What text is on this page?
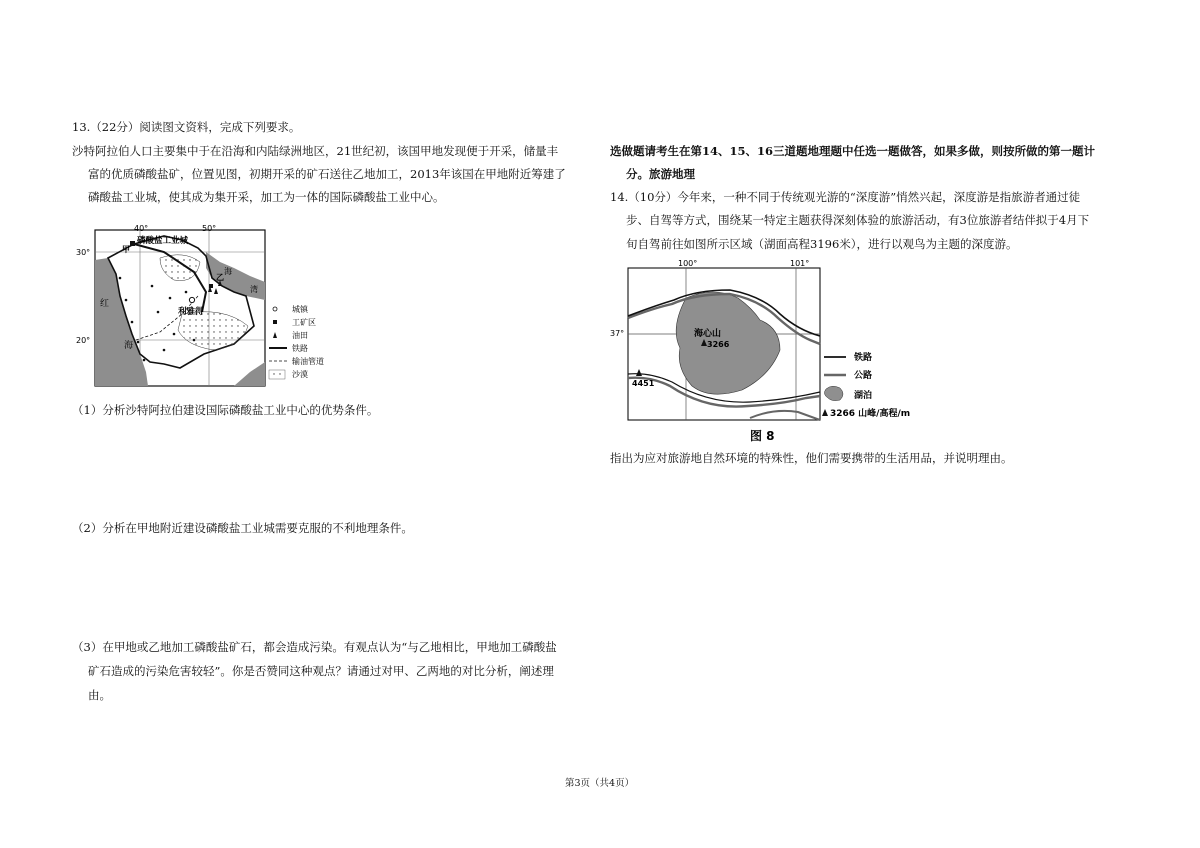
13.（22分）阅读图文资料，完成下列要求。
沙特阿拉伯人口主要集中于在沿海和内陆绿洲地区，21世纪初，该国甲地发现便于开采，储量丰
富的优质磷酸盐矿，位置见图，初期开采的矿石送往乙地加工，2013年该国在甲地附近筹建了
磷酸盐工业城，使其成为集开采，加工为一体的国际磷酸盐工业中心。
40°	50°
30°
20°
磷酸盐工业城
甲
乙
红
海
海
湾
利雅得	城镇
工矿区
油田
铁路
输油管道
沙漠
（1）分析沙特阿拉伯建设国际磷酸盐工业中心的优势条件。
（2）分析在甲地附近建设磷酸盐工业城需要克服的不利地理条件。
（3）在甲地或乙地加工磷酸盐矿石，都会造成污染。有观点认为“与乙地相比，甲地加工磷酸盐
矿石造成的污染危害较轻”。你是否赞同这种观点？请通过对甲、乙两地的对比分析，阐述理
由。
选做题请考生在第14、15、16三道题地理题中任选一题做答，如果多做，则按所做的第一题计
分。旅游地理
14.（10分）今年来，一种不同于传统观光游的“深度游”悄然兴起，深度游是指旅游者通过徒
步、自驾等方式，围绕某一特定主题获得深刻体验的旅游活动，有3位旅游者结伴拟于4月下
旬自驾前往如图所示区域（湖面高程3196米），进行以观鸟为主题的深度游。
100°	101°
37°	海心山
3266
4451
铁路
公路
湖泊
3266 山峰/高程/m
图 8
指出为应对旅游地自然环境的特殊性，他们需要携带的生活用品，并说明理由。
第3页（共4页）
